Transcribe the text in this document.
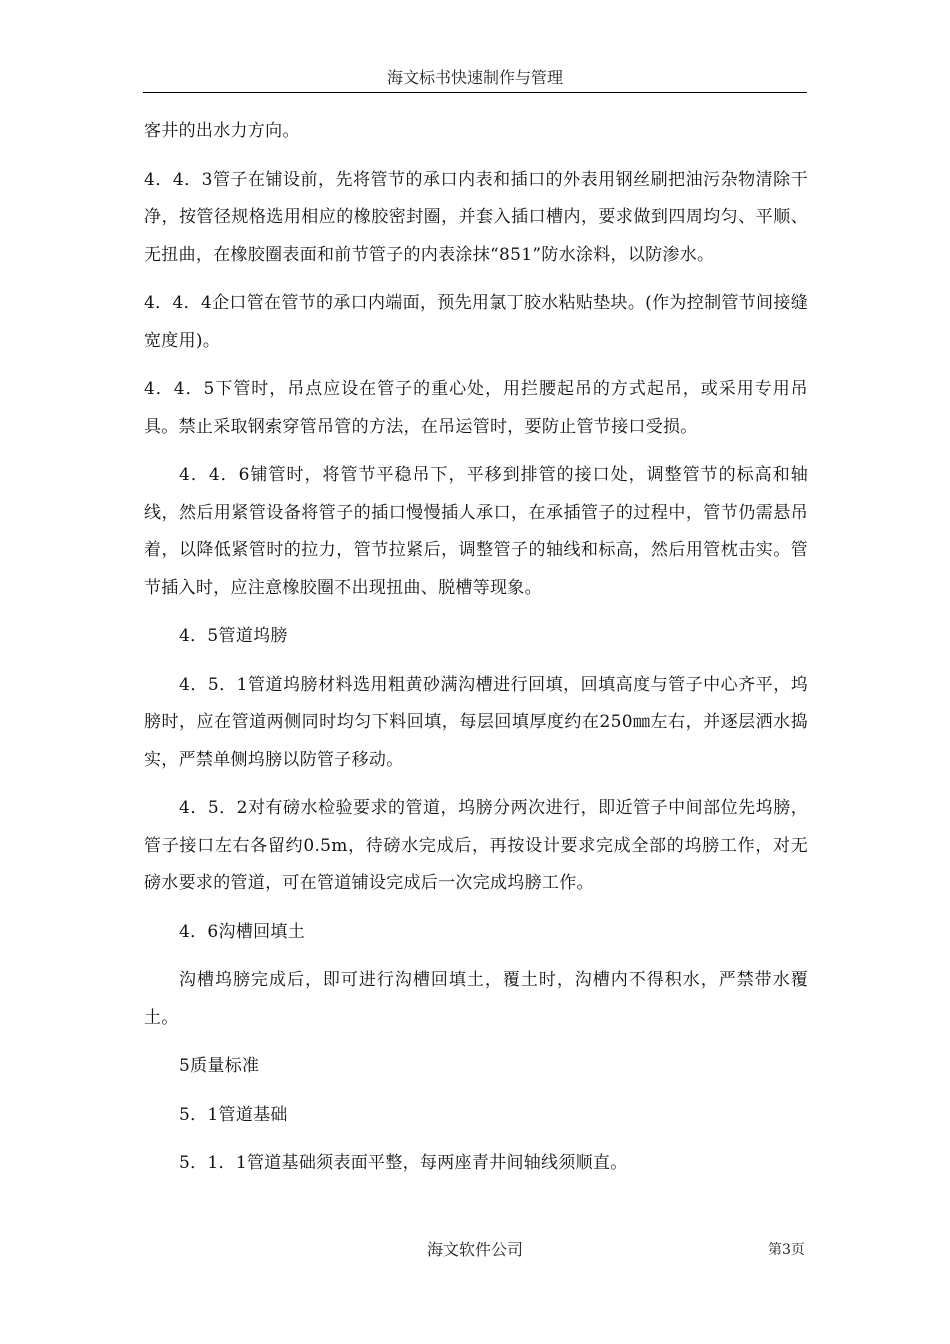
海文标书快速制作与管理

客井的出水力方向。

4．4．3管子在铺设前，先将管节的承口内表和插口的外表用钢丝刷把油污杂物清除干净，按管径规格选用相应的橡胶密封圈，并套入插口槽内，要求做到四周均匀、平顺、无扭曲，在橡胶圈表面和前节管子的内表涂抹“851”防水涂料，以防渗水。

4．4．4企口管在管节的承口内端面，预先用氯丁胶水粘贴垫块。(作为控制管节间接缝宽度用)。

4．4．5下管时，吊点应设在管子的重心处，用拦腰起吊的方式起吊，或采用专用吊具。禁止采取钢索穿管吊管的方法，在吊运管时，要防止管节接口受损。

4．4．6铺管时，将管节平稳吊下，平移到排管的接口处，调整管节的标高和轴线，然后用紧管设备将管子的插口慢慢插人承口，在承插管子的过程中，管节仍需悬吊着，以降低紧管时的拉力，管节拉紧后，调整管子的轴线和标高，然后用管枕击实。管节插入时，应注意橡胶圈不出现扭曲、脱槽等现象。

4．5管道坞膀

4．5．1管道坞膀材料选用粗黄砂满沟槽进行回填，回填高度与管子中心齐平，坞膀时，应在管道两侧同时均匀下料回填，每层回填厚度约在250㎜左右，并逐层洒水捣实，严禁单侧坞膀以防管子移动。

4．5．2对有磅水检验要求的管道，坞膀分两次进行，即近管子中间部位先坞膀，管子接口左右各留约0.5m，待磅水完成后，再按设计要求完成全部的坞膀工作，对无磅水要求的管道，可在管道铺设完成后一次完成坞膀工作。

4．6沟槽回填土

沟槽坞膀完成后，即可进行沟槽回填土，覆土时，沟槽内不得积水，严禁带水覆土。

5质量标准

5．1管道基础

5．1．1管道基础须表面平整，每两座青井间轴线须顺直。

海文软件公司	第3页
